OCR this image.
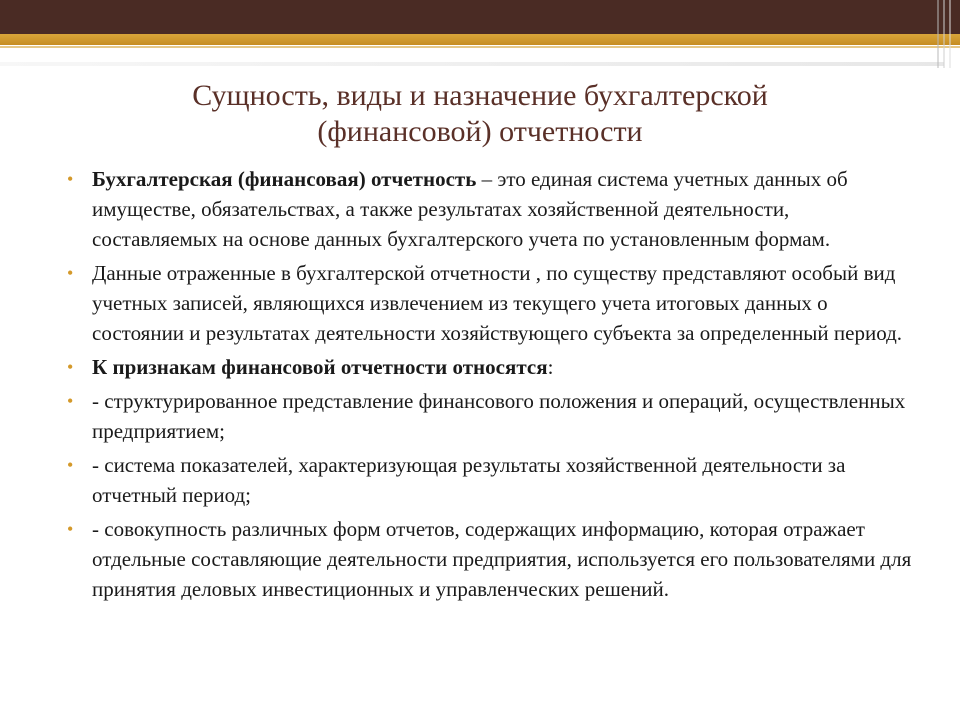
Сущность, виды и назначение бухгалтерской
(финансовой) отчетности
• Бухгалтерская (финансовая) отчетность – это единая система учетных данных об имуществе, обязательствах, а также результатах хозяйственной деятельности, составляемых на основе данных бухгалтерского учета по установленным формам.
• Данные отраженные в бухгалтерской отчетности , по существу представляют особый вид учетных записей, являющихся извлечением из текущего учета итоговых данных о состоянии и результатах деятельности хозяйствующего субъекта за определенный период.
• К признакам финансовой отчетности относятся:
• - структурированное представление финансового положения и операций, осуществленных предприятием;
• - система показателей, характеризующая результаты хозяйственной деятельности за отчетный период;
• - совокупность различных форм отчетов, содержащих информацию, которая отражает отдельные составляющие деятельности предприятия, используется его пользователями для принятия деловых инвестиционных и управленческих решений.
